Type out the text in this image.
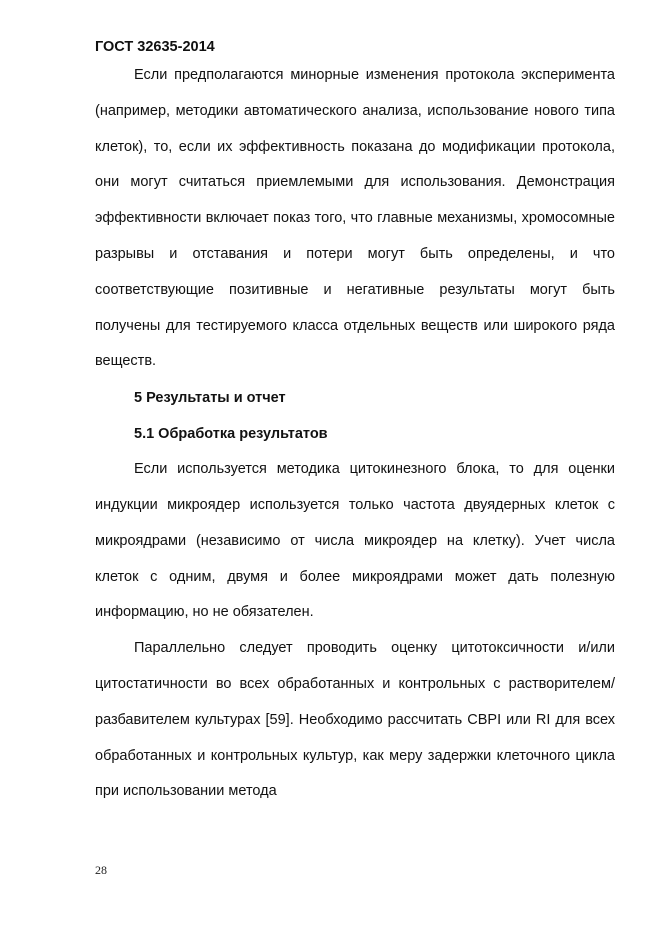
ГОСТ 32635-2014

Если предполагаются минорные изменения протокола эксперимента (например, методики автоматического анализа, использование нового типа клеток), то, если их эффективность показана до модификации протокола, они могут считаться приемлемыми для использования. Демонстрация эффективности включает показ того, что главные механизмы, хромосомные разрывы и отставания и потери могут быть определены, и что соответствующие позитивные и негативные результаты могут быть получены для тестируемого класса отдельных веществ или широкого ряда веществ.

5 Результаты и отчет

5.1 Обработка результатов

Если используется методика цитокинезного блока, то для оценки индукции микроядер используется только частота двуядерных клеток с микроядрами (независимо от числа микроядер на клетку). Учет числа клеток с одним, двумя и более микроядрами может дать полезную информацию, но не обязателен.

Параллельно следует проводить оценку цитотоксичности и/или цитостатичности во всех обработанных и контрольных с растворителем/разбавителем культурах [59]. Необходимо рассчитать CBPI или RI для всех обработанных и контрольных культур, как меру задержки клеточного цикла при использовании метода

28
